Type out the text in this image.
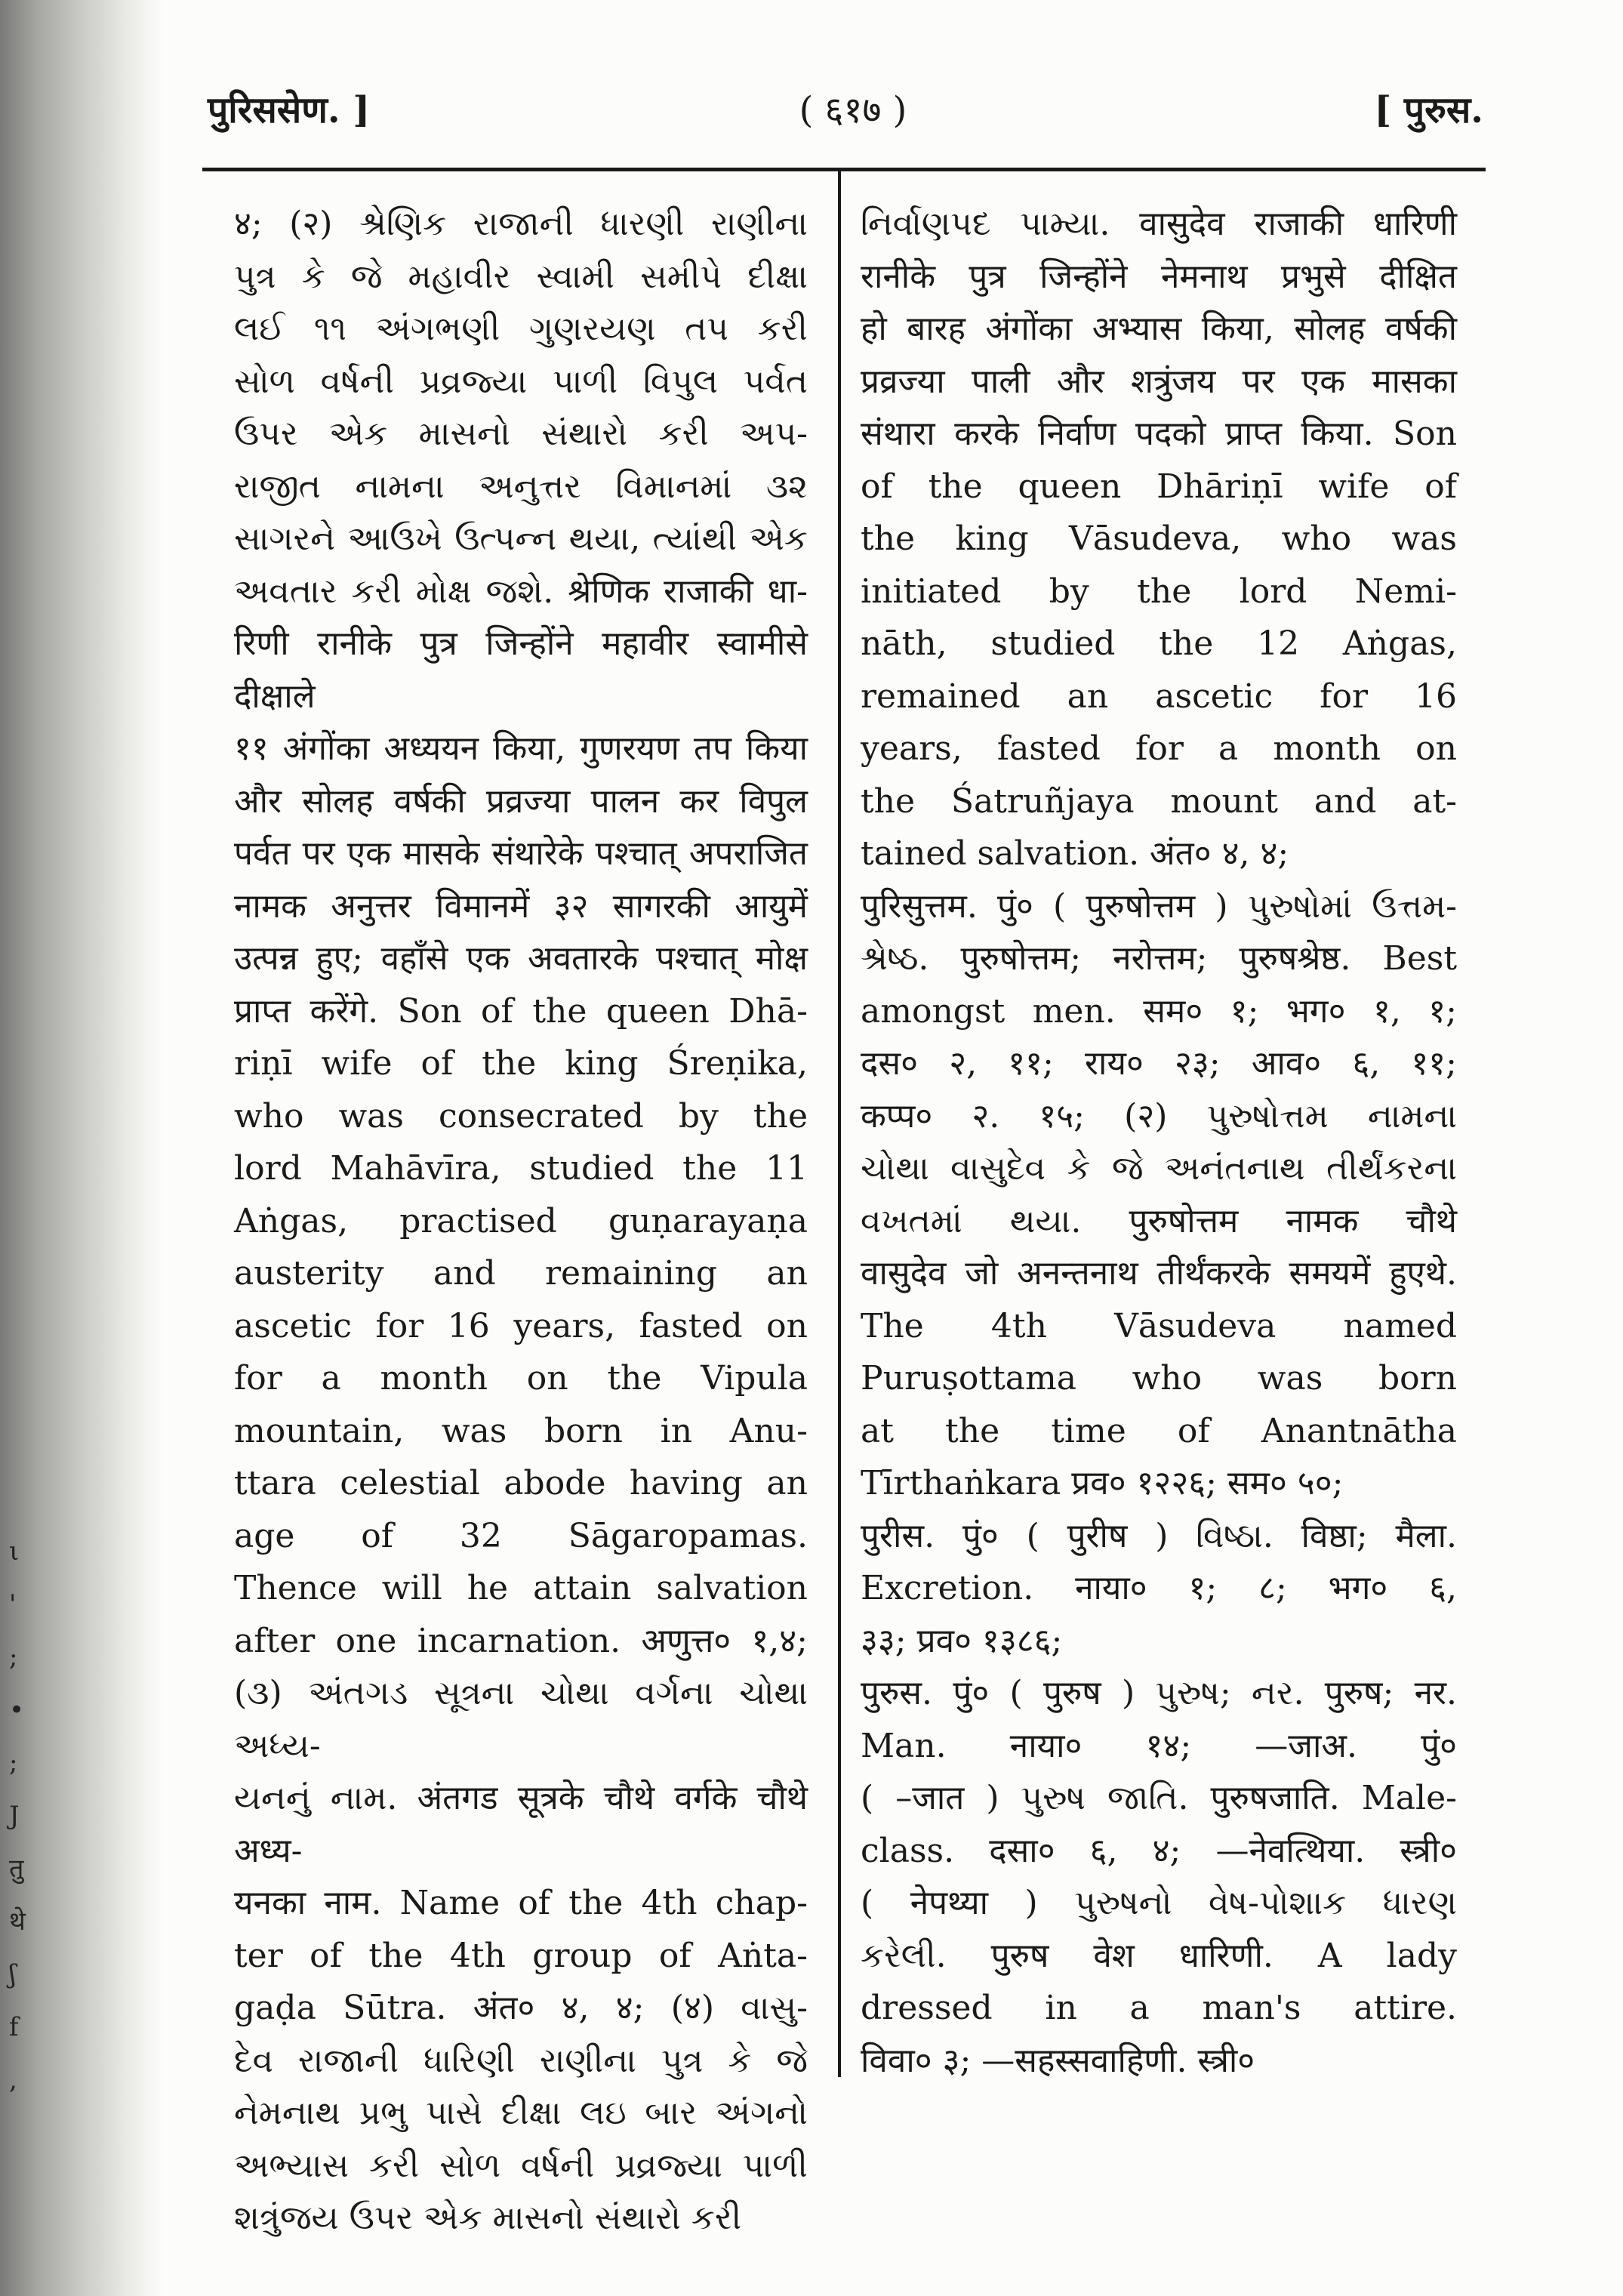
ι
'
;
•
;
J
तु
थे
ʃ
f
,
पुरिससेण. ]	( ६१७ )	[ पुरुस.

४; (२) શ્રેણિક રાજાની ધારણી રાણીના

પુત્ર કે જે મહાવીર સ્વામી સમીપે દીક્ષા

લઈ ૧૧ અંગભણી ગુણરયણ તપ કરી

સોળ વર્ષની પ્રવ્રજ્યા પાળી વિપુલ પર્વત

ઉપર એક માસનો સંથારો કરી અપ-

રાજીત નામના અનુત્તર વિમાનમાં ૩૨

સાગરને આઉખે ઉત્પન્ન થયા, ત્યાંથી એક

અવતાર કરી મોક્ષ જશે. श्रेणिक राजाकी धा-

रिणी रानीके पुत्र जिन्होंने महावीर स्वामीसे दीक्षाले

११ अंगोंका अध्ययन किया, गुणरयण तप किया

और सोलह वर्षकी प्रव्रज्या पालन कर विपुल

पर्वत पर एक मासके संथारेके पश्चात् अपराजित

नामक अनुत्तर विमानमें ३२ सागरकी आयुमें

उत्पन्न हुए; वहाँसे एक अवतारके पश्चात् मोक्ष

प्राप्त करेंगे. Son of the queen Dhā-

riṇī wife of the king Śreṇika,

who was consecrated by the

lord Mahāvīra, studied the 11

Aṅgas, practised guṇarayaṇa

austerity and remaining an

ascetic for 16 years, fasted on

for a month on the Vipula

mountain, was born in Anu-

ttara celestial abode having an

age of 32 Sāgaropamas.

Thence will he attain salvation

after one incarnation. अणुत्त० १,४;

(૩) અંતગડ સૂત્રના ચોથા વર્ગના ચોથા અધ્ય-

યનનું નામ. अंतगड सूत्रके चौथे वर्गके चौथे अध्य-

यनका नाम. Name of the 4th chap-

ter of the 4th group of Aṅta-

gaḍa Sūtra. अंत० ४, ४; (४) વાસુ-

દેવ રાજાની ધારિણી રાણીના પુત્ર કે જે

નેમનાથ પ્રભુ પાસે દીક્ષા લઇ બાર અંગનો

અભ્યાસ કરી સોળ વર્ષની પ્રવ્રજ્યા પાળી

શત્રુંજય ઉપર એક માસનો સંથારો કરી

નિર્વાણપદ પામ્યા. वासुदेव राजाकी धारिणी

रानीके पुत्र जिन्होंने नेमनाथ प्रभुसे दीक्षित

हो बारह अंगोंका अभ्यास किया, सोलह वर्षकी

प्रव्रज्या पाली और शत्रुंजय पर एक मासका

संथारा करके निर्वाण पदको प्राप्त किया. Son

of the queen Dhāriṇī wife of

the king Vāsudeva, who was

initiated by the lord Nemi-

nāth, studied the 12 Aṅgas,

remained an ascetic for 16

years, fasted for a month on

the Śatruñjaya mount and at-

tained salvation. अंत० ४, ४;

पुरिसुत्तम. पुं० ( पुरुषोत्तम ) પુરુષોમાં ઉત્તમ-

શ્રેષ્ઠ. पुरुषोत्तम; नरोत्तम; पुरुषश्रेष्ठ. Best

amongst men. सम० १; भग० १, १;

दस० २, ११; राय० २३; आव० ६, ११;

कप्प० २. १५; (२) પુરુષોત્તમ નામના

ચોથા વાસુદેવ કે જે અનંતનાથ તીર્થંકરના

વખતમાં થયા. पुरुषोत्तम नामक चौथे

वासुदेव जो अनन्तनाथ तीर्थंकरके समयमें हुएथे.

The 4th Vāsudeva named

Puruṣottama who was born

at the time of Anantnātha

Tīrthaṅkara प्रव० १२२६; सम० ५०;

पुरीस. पुं० ( पुरीष ) વિષ્ઠા. विष्ठा; मैला.

Excretion. नाया० १; ८; भग० ६,

३३; प्रव० १३८६;

पुरुस. पुं० ( पुरुष ) પુરુષ; નર. पुरुष; नर.

Man. नाया० १४; —जाअ. पुं०

( –जात ) પુરુષ જાતિ. पुरुषजाति. Male-

class. दसा० ६, ४; —नेवत्थिया. स्त्री०

( नेपथ्या ) પુરુષનો વેષ-પોશાક ધારણ

કરેલી. पुरुष वेश धारिणी. A lady

dressed in a man's attire.

विवा० ३; —सहस्सवाहिणी. स्त्री०
